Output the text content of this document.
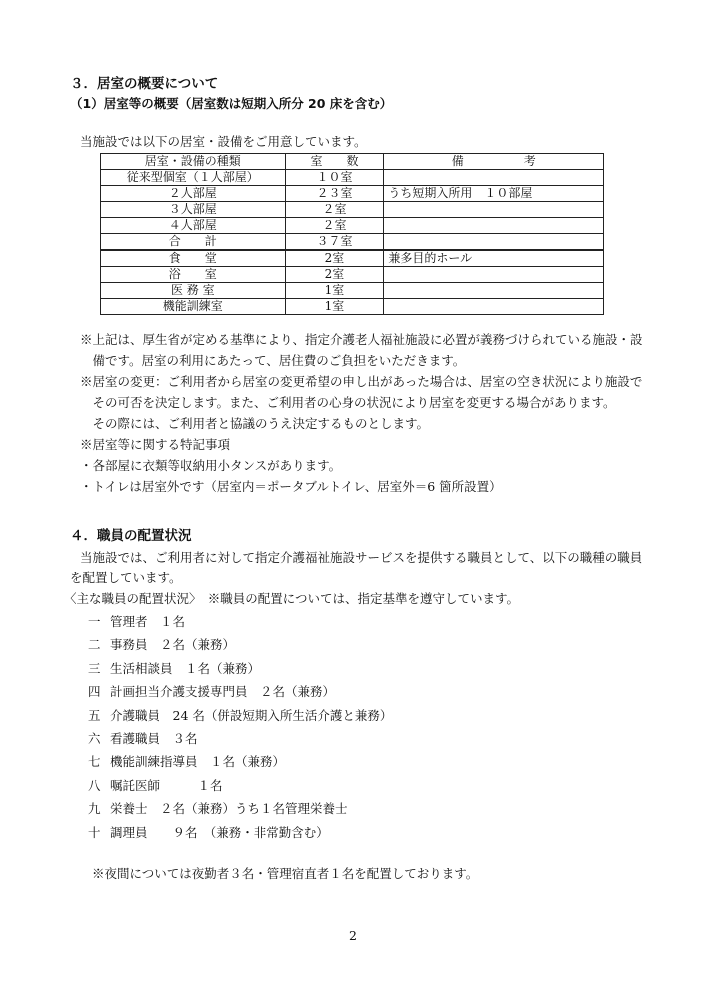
３．居室の概要について
（1）居室等の概要（居室数は短期入所分 20 床を含む）
当施設では以下の居室・設備をご用意しています。
居室・設備の種類	室　　数	備　　　　　考
従来型個室（１人部屋）	１０室	
２人部屋	２３室	うち短期入所用　１０部屋
３人部屋	２室	
４人部屋	２室	
合　　計	３７室	
食　　堂	2室	兼多目的ホール
浴　　室	2室	
医 務 室	1室	
機能訓練室	1室	
※上記は、厚生省が定める基準により、指定介護老人福祉施設に必置が義務づけられている施設・設
　備です。居室の利用にあたって、居住費のご負担をいただきます。
※居室の変更：ご利用者から居室の変更希望の申し出があった場合は、居室の空き状況により施設で
　その可否を決定します。また、ご利用者の心身の状況により居室を変更する場合があります。
　その際には、ご利用者と協議のうえ決定するものとします。
※居室等に関する特記事項
・各部屋に衣類等収納用小タンスがあります。
・トイレは居室外です（居室内＝ポータブルトイレ、居室外＝6 箇所設置）
４．職員の配置状況
当施設では、ご利用者に対して指定介護福祉施設サービスを提供する職員として、以下の職種の職員
を配置しています。
〈主な職員の配置状況〉　※職員の配置については、指定基準を遵守しています。
一 管理者　１名
二 事務員　２名（兼務）
三 生活相談員　１名（兼務）
四 計画担当介護支援専門員　２名（兼務）
五 介護職員　24 名（併設短期入所生活介護と兼務）
六 看護職員　３名
七 機能訓練指導員　１名（兼務）
八 嘱託医師　　　１名
九 栄養士　２名（兼務）うち１名管理栄養士
十 調理員　　９名　（兼務・非常勤含む）
※夜間については夜勤者３名・管理宿直者１名を配置しております。
2
